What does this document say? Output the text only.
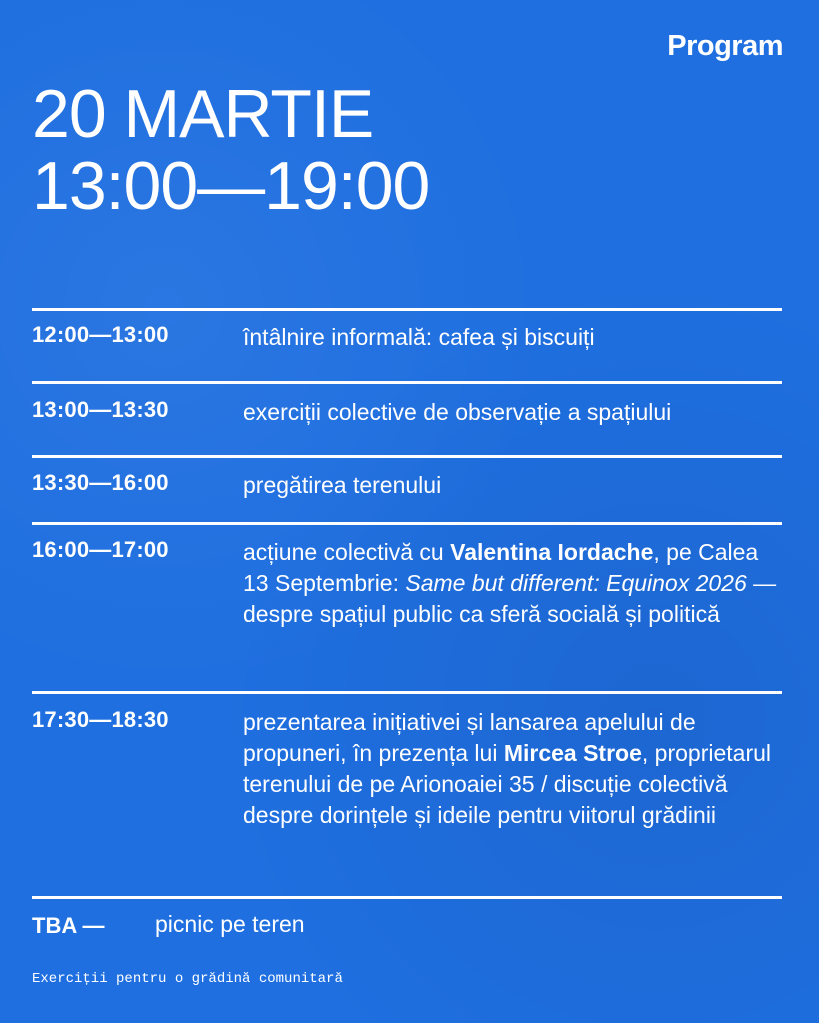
Program
20 MARTIE
13:00—19:00
12:00—13:00	întâlnire informală: cafea și biscuiți
13:00—13:30	exerciții colective de observație a spațiului
13:30—16:00	pregătirea terenului
16:00—17:00	acțiune colectivă cu Valentina Iordache, pe Calea 13 Septembrie: Same but different: Equinox 2026 — despre spațiul public ca sferă socială și politică
17:30—18:30	prezentarea inițiativei și lansarea apelului de propuneri, în prezența lui Mircea Stroe, proprietarul terenului de pe Arionoaiei 35 / discuție colectivă despre dorințele și ideile pentru viitorul grădinii
TBA — picnic pe teren
Exerciții pentru o grădină comunitară
